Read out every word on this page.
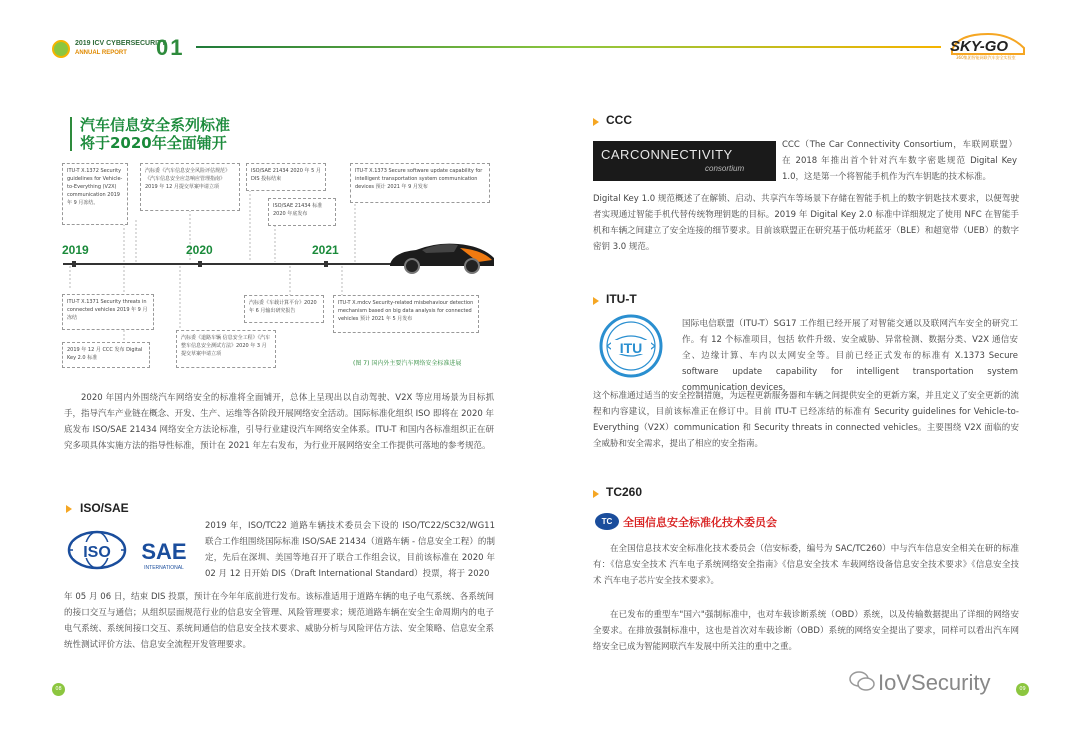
2019 ICV CYBERSECURITY
ANNUAL REPORT 01	SKY-GO
360集团智能网联汽车安全实验室
汽车信息安全系列标准
将于2020年全面铺开
ITU-T X.1372 Security guidelines for Vehicle-to-Everything (V2X) communication 2019 年 9 月冻结。
汽标委《汽车信息安全风险评估规范》《汽车信息安全应急响应管理指南》2019 年 12 月提交草案申请立项
ISO/SAE 21434 2020 年 5 月 DIS 投标结束
ISO/SAE 21434 标准 2020 年底发布
ITU-T X.1373 Secure software update capability for intelligent transportation system communication devices 预计 2021 年 9 月发布
2019	2020	2021
ITU-T X.1371 Security threats in connected vehicles 2019 年 9 月 冻结
2019 年 12 月 CCC 发布 Digital Key 2.0 标准
汽标委《道路车辆 信息安全工程》《汽车整车信息安全测试方法》2020 年 3 月提交草案申请立项
汽标委《车载计算平台》2020 年 6 月输出研究报告
ITU-T X.mdcv Security-related misbehaviour detection mechanism based on big data analysis for connected vehicles 预计 2021 年 5 月发布
(图 7) 国内外主要汽车网络安全标准进展
2020 年国内外围绕汽车网络安全的标准将全面铺开，总体上呈现出以自动驾驶、V2X 等应用场景为目标抓手，指导汽车产业链在概念、开发、生产、运维等各阶段开展网络安全活动。国际标准化组织 ISO 即将在 2020 年底发布 ISO/SAE 21434 网络安全方法论标准，引导行业建设汽车网络安全体系。ITU-T 和国内各标准组织正在研究多项具体实施方法的指导性标准，预计在 2021 年左右发布，为行业开展网络安全工作提供可落地的参考规范。
ISO/SAE
ISO SAE
INTERNATIONAL
2019 年，ISO/TC22 道路车辆技术委员会下设的 ISO/TC22/SC32/WG11 联合工作组围绕国际标准 ISO/SAE 21434（道路车辆 - 信息安全工程）的制定，先后在深圳、美国等地召开了联合工作组会议，目前该标准在 2020 年 02 月 12 日开始 DIS（Draft International Standard）投票，将于 2020
年 05 月 06 日，结束 DIS 投票，预计在今年年底前进行发布。该标准适用于道路车辆的电子电气系统、各系统间的接口交互与通信；从组织层面规范行业的信息安全管理、风险管理要求；规范道路车辆在安全生命周期内的电子电气系统、系统间接口交互、系统间通信的信息安全技术要求、威胁分析与风险评估方法、安全策略、信息安全系统性测试评价方法、信息安全流程开发管理要求。
08
CCC
CARCONNECTIVITY
consortium
CCC（The Car Connectivity Consortium，车联网联盟）在 2018 年推出首个针对汽车数字密匙规范 Digital Key 1.0，这是第一个将智能手机作为汽车钥匙的技术标准。
Digital Key 1.0 规范概述了在解锁、启动、共享汽车等场景下存储在智能手机上的数字钥匙技术要求，以便驾驶者实现通过智能手机代替传统物理钥匙的目标。2019 年 Digital Key 2.0 标准中详细规定了使用 NFC 在智能手机和车辆之间建立了安全连接的细节要求。目前该联盟正在研究基于低功耗蓝牙（BLE）和超宽带（UEB）的数字密钥 3.0 规范。
ITU-T
ITU
国际电信联盟（ITU-T）SG17 工作组已经开展了对智能交通以及联网汽车安全的研究工作。有 12 个标准项目，包括 软件升级、安全威胁、异常检测、数据分类、V2X 通信安全、边缘计算、车内以太网安全等。目前已经正式发布的标准有 X.1373 Secure software update capability for intelligent transportation system communication devices，
这个标准通过适当的安全控制措施，为远程更新服务器和车辆之间提供安全的更新方案，并且定义了安全更新的流程和内容建议，目前该标准正在修订中。目前 ITU-T 已经冻结的标准有 Security guidelines for Vehicle-to-Everything（V2X）communication 和 Security threats in connected vehicles。主要围绕 V2X 面临的安全威胁和安全需求，提出了相应的安全指南。
TC260
TC 全国信息安全标准化技术委员会
在全国信息技术安全标准化技术委员会（信安标委，编号为 SAC/TC260）中与汽车信息安全相关在研的标准有：《信息安全技术 汽车电子系统网络安全指南》《信息安全技术 车载网络设备信息安全技术要求》《信息安全技术 汽车电子芯片安全技术要求》。
在已发布的重型车"国六"强制标准中，也对车载诊断系统（OBD）系统，以及传输数据提出了详细的网络安全要求。在排放强制标准中，这也是首次对车载诊断（OBD）系统的网络安全提出了要求，同样可以看出汽车网络安全已成为智能网联汽车发展中所关注的重中之重。
09
IoVSecurity
